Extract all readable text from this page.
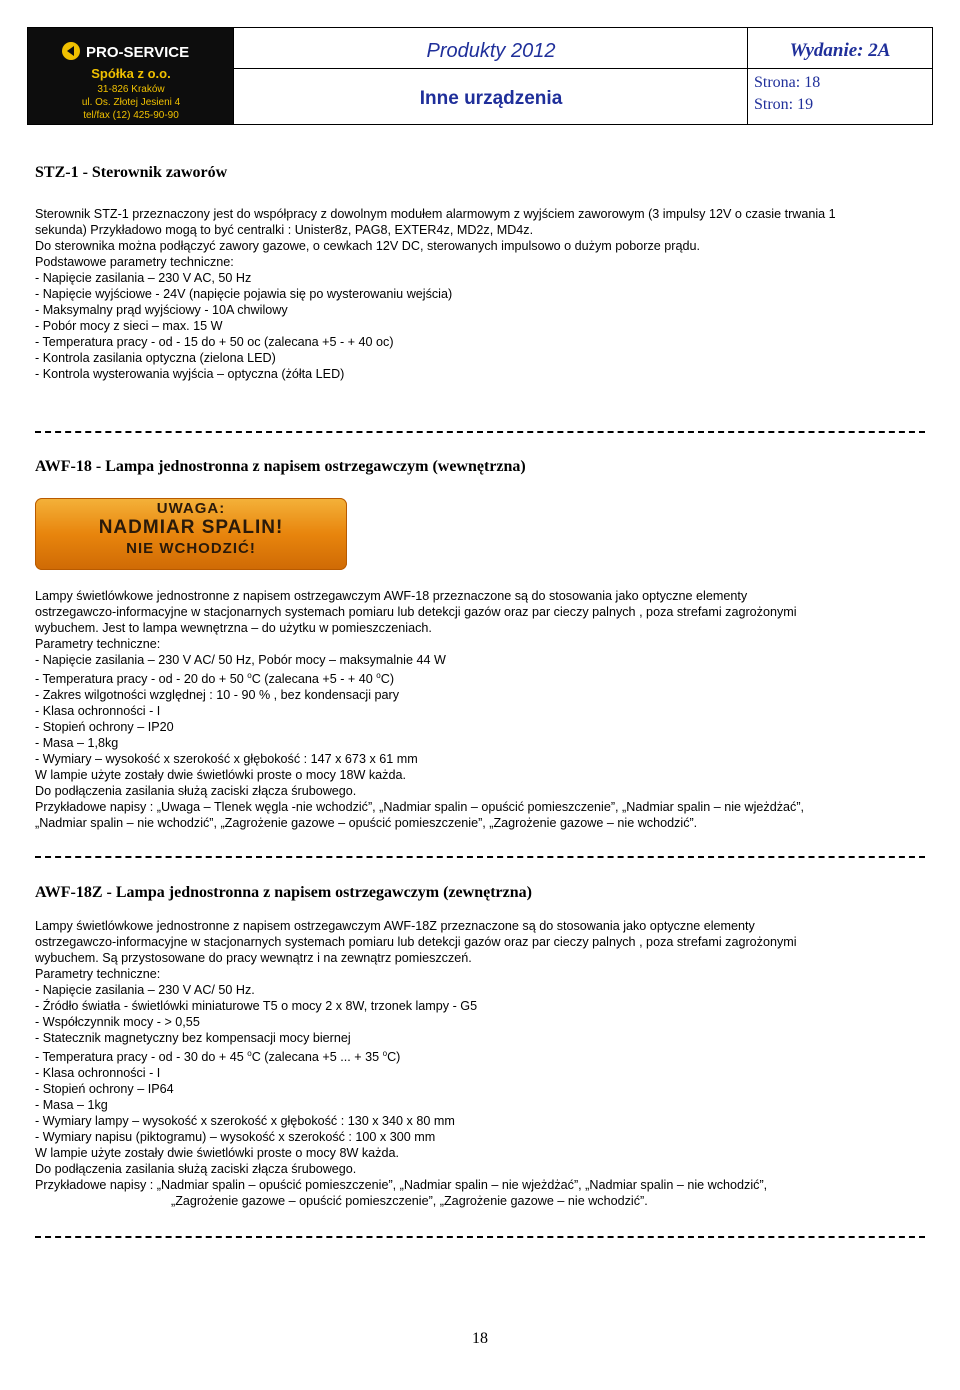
PRO-SERVICE
Spółka z o.o.
31-826 Kraków
ul. Os. Złotej Jesieni 4
tel/fax (12) 425-90-90
Produkty 2012
Inne urządzenia
Wydanie: 2A
Strona: 18
Stron: 19
STZ-1 - Sterownik zaworów

Sterownik STZ-1 przeznaczony jest do współpracy z dowolnym modułem alarmowym z wyjściem zaworowym (3 impulsy 12V o czasie trwania 1

sekunda) Przykładowo mogą to być centralki : Unister8z, PAG8, EXTER4z, MD2z, MD4z.

Do sterownika można podłączyć zawory gazowe, o cewkach 12V DC, sterowanych impulsowo o dużym poborze prądu.

Podstawowe parametry techniczne:

- Napięcie zasilania – 230 V AC, 50 Hz

- Napięcie wyjściowe - 24V (napięcie pojawia się po wysterowaniu wejścia)

- Maksymalny prąd wyjściowy - 10A chwilowy

- Pobór mocy z sieci – max. 15 W

- Temperatura pracy - od - 15 do + 50 oc (zalecana +5 - + 40 oc)

- Kontrola zasilania optyczna (zielona LED)

- Kontrola wysterowania wyjścia – optyczna (żółta LED)

AWF-18 - Lampa jednostronna z napisem ostrzegawczym (wewnętrzna)
UWAGA:
NADMIAR SPALIN!
NIE WCHODZIĆ!

Lampy świetlówkowe jednostronne z napisem ostrzegawczym AWF-18 przeznaczone są do stosowania jako optyczne elementy

ostrzegawczo-informacyjne w stacjonarnych systemach pomiaru lub detekcji gazów oraz par cieczy palnych , poza strefami zagrożonymi

wybuchem. Jest to lampa wewnętrzna – do użytku w pomieszczeniach.

Parametry techniczne:

- Napięcie zasilania – 230 V AC/ 50 Hz, Pobór mocy – maksymalnie 44 W

- Temperatura pracy - od - 20 do + 50 $^o$C (zalecana +5 - + 40 $^o$C)

- Zakres wilgotności względnej : 10 - 90 % , bez kondensacji pary

- Klasa ochronności - I

- Stopień ochrony – IP20

- Masa – 1,8kg

- Wymiary – wysokość x szerokość x głębokość : 147 x 673 x 61 mm

W lampie użyte zostały dwie świetlówki proste o mocy 18W każda.

Do podłączenia zasilania służą zaciski złącza śrubowego.

Przykładowe napisy : „Uwaga – Tlenek węgla -nie wchodzić”, „Nadmiar spalin – opuścić pomieszczenie”, „Nadmiar spalin – nie wjeżdżać”,

„Nadmiar spalin – nie wchodzić”, „Zagrożenie gazowe – opuścić pomieszczenie”, „Zagrożenie gazowe – nie wchodzić”.

AWF-18Z - Lampa jednostronna z napisem ostrzegawczym (zewnętrzna)

Lampy świetlówkowe jednostronne z napisem ostrzegawczym AWF-18Z przeznaczone są do stosowania jako optyczne elementy

ostrzegawczo-informacyjne w stacjonarnych systemach pomiaru lub detekcji gazów oraz par cieczy palnych , poza strefami zagrożonymi

wybuchem. Są przystosowane do pracy wewnątrz i na zewnątrz pomieszczeń.

Parametry techniczne:

- Napięcie zasilania – 230 V AC/ 50 Hz.

- Źródło światła - świetlówki miniaturowe T5 o mocy 2 x 8W, trzonek lampy - G5

- Współczynnik mocy - > 0,55

- Statecznik magnetyczny bez kompensacji mocy biernej

- Temperatura pracy - od - 30 do + 45 $^o$C (zalecana +5 ... + 35 $^o$C)

- Klasa ochronności - I

- Stopień ochrony – IP64

- Masa – 1kg

- Wymiary lampy – wysokość x szerokość x głębokość : 130 x 340 x 80 mm

- Wymiary napisu (piktogramu) – wysokość x szerokość : 100 x 300 mm

W lampie użyte zostały dwie świetlówki proste o mocy 8W każda.

Do podłączenia zasilania służą zaciski złącza śrubowego.

Przykładowe napisy : „Nadmiar spalin – opuścić pomieszczenie”, „Nadmiar spalin – nie wjeżdżać”, „Nadmiar spalin – nie wchodzić”,

„Zagrożenie gazowe – opuścić pomieszczenie”, „Zagrożenie gazowe – nie wchodzić”.

18
